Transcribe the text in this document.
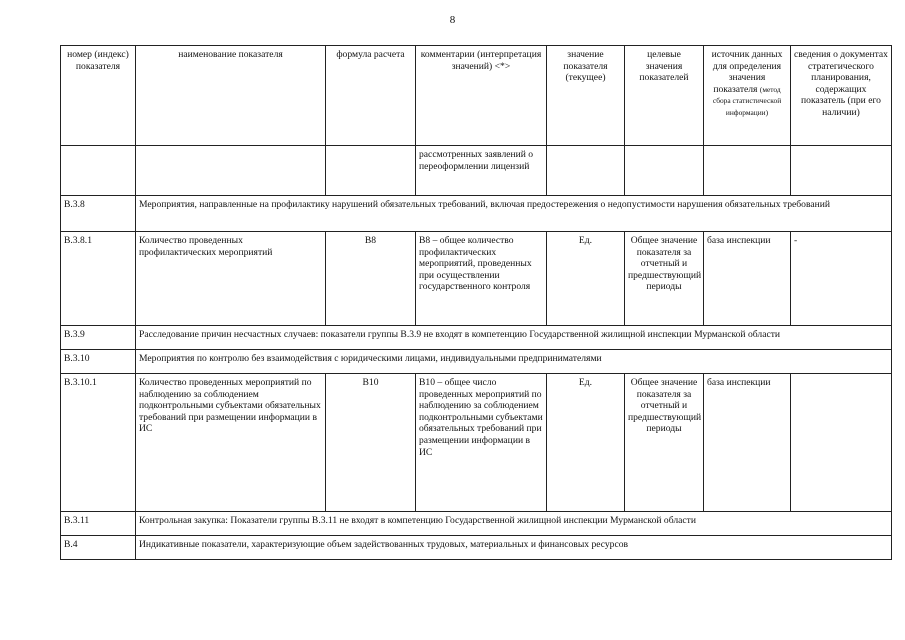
8
номер (индекс) показателя	наименование показателя	формула расчета	комментарии (интерпретация значений) <*>	значение показателя (текущее)	целевые значения показателей	источник данных для определения значения показателя (метод сбора статистической информации)	сведения о документах стратегического планирования, содержащих показатель (при его наличии)
			рассмотренных заявлений о переоформлении лицензий				
В.3.8	Мероприятия, направленные на профилактику нарушений обязательных требований, включая предостережения о недопустимости нарушения обязательных требований						
В.3.8.1	Количество проведенных профилактических мероприятий	В8	В8 – общее количество профилактических мероприятий, проведенных при осуществлении государственного контроля	Ед.	Общее значение показателя за отчетный и предшествующий периоды	база инспекции	-
В.3.9	Расследование причин несчастных случаев: показатели группы В.3.9 не входят в компетенцию Государственной жилищной инспекции Мурманской области						
В.3.10	Мероприятия по контролю без взаимодействия с юридическими лицами, индивидуальными предпринимателями						
В.3.10.1	Количество проведенных мероприятий по наблюдению за соблюдением подконтрольными субъектами обязательных требований при размещении информации в ИС	В10	В10 – общее число проведенных мероприятий по наблюдению за соблюдением подконтрольными субъектами обязательных требований при размещении информации в ИС	Ед.	Общее значение показателя за отчетный и предшествующий периоды	база инспекции	
В.3.11	Контрольная закупка: Показатели группы В.3.11 не входят в компетенцию Государственной жилищной инспекции Мурманской области						
В.4	Индикативные показатели, характеризующие объем задействованных трудовых, материальных и финансовых ресурсов						
